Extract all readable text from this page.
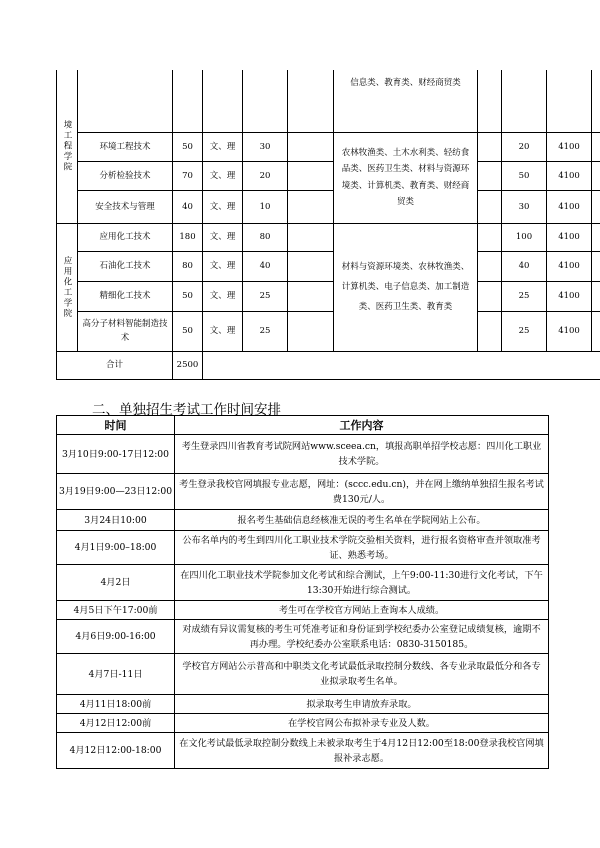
境工程学院						信息类、教育类、财经商贸类				
	环境工程技术	50	文、理	30		农林牧渔类、土木水利类、轻纺食品类、医药卫生类、材料与资源环境类、计算机类、教育类、财经商贸类		20	4100	
	分析检验技术	70	文、理	20				50	4100	
	安全技术与管理	40	文、理	10				30	4100	
应用化工学院	应用化工技术	180	文、理	80		材料与资源环境类、农林牧渔类、计算机类、电子信息类、加工制造类、医药卫生类、教育类		100	4100	
	石油化工技术	80	文、理	40				40	4100	
	精细化工技术	50	文、理	25				25	4100	
	高分子材料智能制造技术	50	文、理	25				25	4100	
合计		2500								
二、单独招生考试工作时间安排
时间	工作内容
3月10日9:00-17日12:00	考生登录四川省教育考试院网站www.sceea.cn，填报高职单招学校志愿：四川化工职业技术学院。
3月19日9:00—23日12:00	考生登录我校官网填报专业志愿，网址：(sccc.edu.cn)，并在网上缴纳单独招生报名考试费130元/人。
3月24日10:00	报名考生基础信息经核准无误的考生名单在学院网站上公布。
4月1日9:00–18:00	公布名单内的考生到四川化工职业技术学院交验相关资料，进行报名资格审查并领取准考证、熟悉考场。
4月2日	在四川化工职业技术学院参加文化考试和综合测试，上午9:00-11:30进行文化考试，下午13:30开始进行综合测试。
4月5日下午17:00前	考生可在学校官方网站上查询本人成绩。
4月6日9:00-16:00	对成绩有异议需复核的考生可凭准考证和身份证到学校纪委办公室登记成绩复核，逾期不再办理。学校纪委办公室联系电话：0830-3150185。
4月7日-11日	学校官方网站公示普高和中职类文化考试最低录取控制分数线、各专业录取最低分和各专业拟录取考生名单。
4月11日18:00前	拟录取考生申请放弃录取。
4月12日12:00前	在学校官网公布拟补录专业及人数。
4月12日12:00-18:00	在文化考试最低录取控制分数线上未被录取考生于4月12日12:00至18:00登录我校官网填报补录志愿。
